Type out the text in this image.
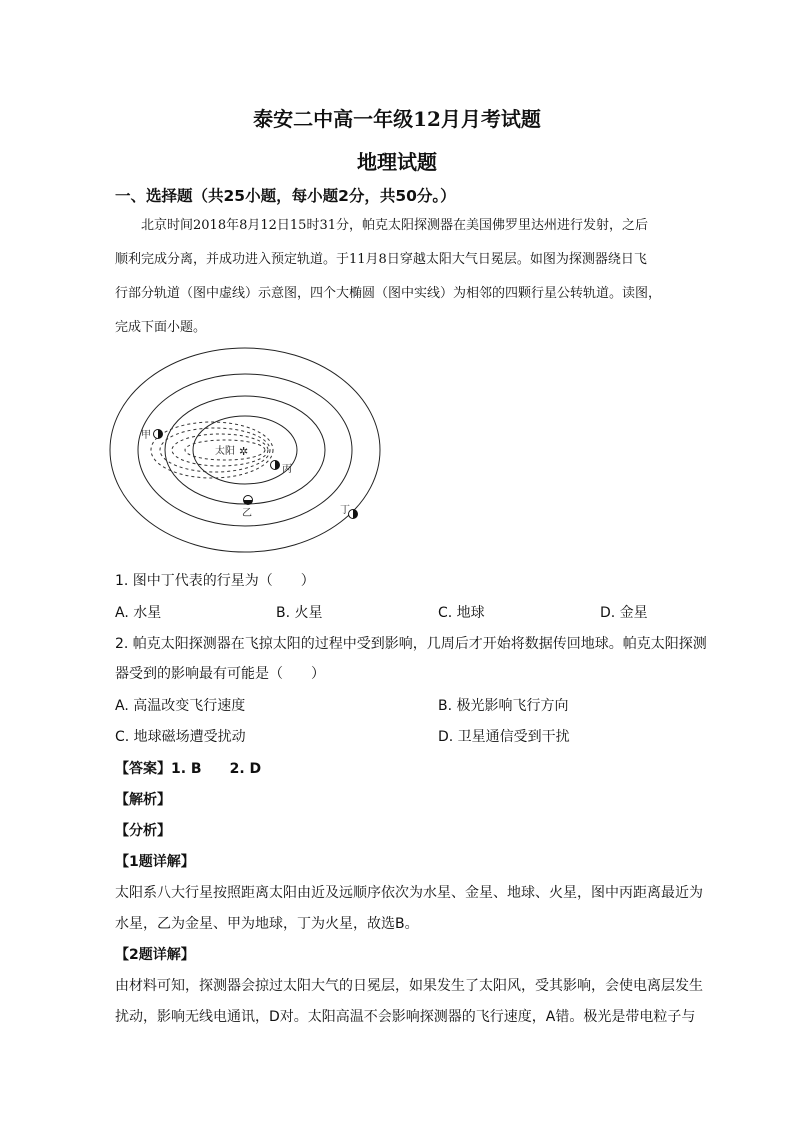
泰安二中高一年级12月月考试题
地理试题
一、选择题（共25小题，每小题2分，共50分。）
北京时间2018年8月12日15时31分，帕克太阳探测器在美国佛罗里达州进行发射，之后
顺利完成分离，并成功进入预定轨道。于11月8日穿越太阳大气日冕层。如图为探测器绕日飞
行部分轨道（图中虚线）示意图，四个大椭圆（图中实线）为相邻的四颗行星公转轨道。读图，
完成下面小题。
太阳 ✲
甲
丙
乙	丁
1. 图中丁代表的行星为（　　）
A. 水星	B. 火星	C. 地球	D. 金星
2. 帕克太阳探测器在飞掠太阳的过程中受到影响，几周后才开始将数据传回地球。帕克太阳探测
器受到的影响最有可能是（　　）
A. 高温改变飞行速度	B. 极光影响飞行方向
C. 地球磁场遭受扰动	D. 卫星通信受到干扰
【答案】1. B　　2. D
【解析】
【分析】
【1题详解】
太阳系八大行星按照距离太阳由近及远顺序依次为水星、金星、地球、火星，图中丙距离最近为
水星，乙为金星、甲为地球，丁为火星，故选B。
【2题详解】
由材料可知，探测器会掠过太阳大气的日冕层，如果发生了太阳风，受其影响，会使电离层发生
扰动，影响无线电通讯，D对。太阳高温不会影响探测器的飞行速度，A错。极光是带电粒子与
